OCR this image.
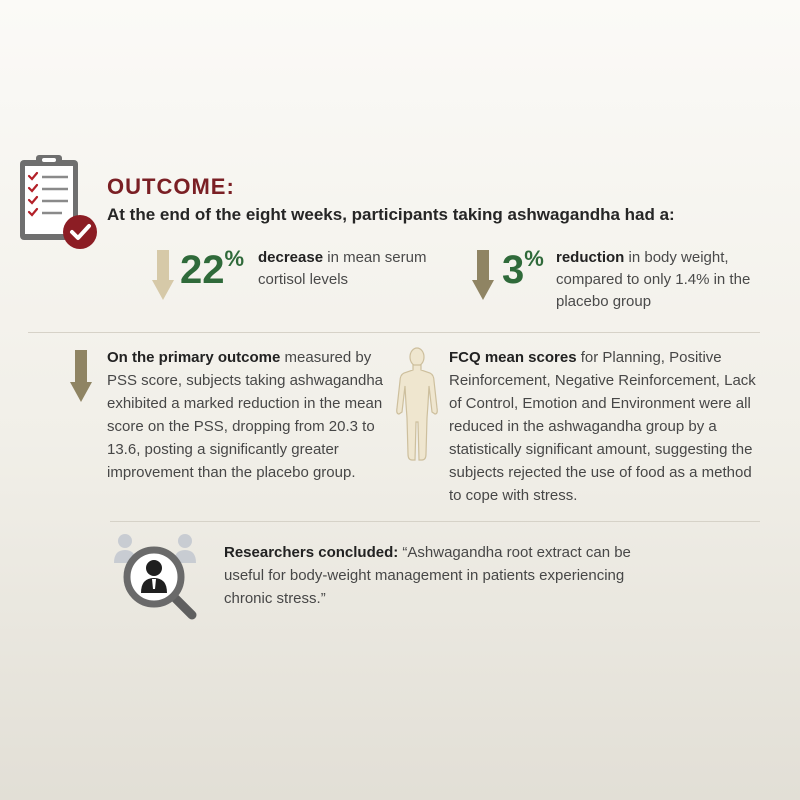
OUTCOME:
At the end of the eight weeks, participants taking ashwagandha had a:
22% decrease in mean serum cortisol levels	3% reduction in body weight, compared to only 1.4% in the placebo group
On the primary outcome measured by PSS score, subjects taking ashwagandha exhibited a marked reduction in the mean score on the PSS, dropping from 20.3 to 13.6, posting a significantly greater improvement than the placebo group.
FCQ mean scores for Planning, Positive Reinforcement, Negative Reinforcement, Lack of Control, Emotion and Environment were all reduced in the ashwagandha group by a statistically significant amount, suggesting the subjects rejected the use of food as a method to cope with stress.
Researchers concluded: “Ashwagandha root extract can be useful for body-weight management in patients experiencing chronic stress.”
